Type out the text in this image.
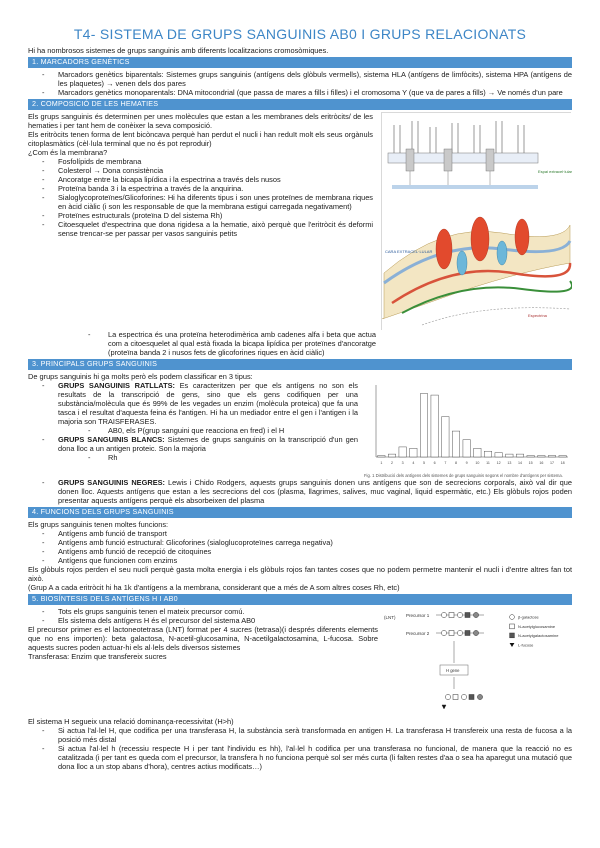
T4- SISTEMA DE GRUPS SANGUINIS AB0 I GRUPS RELACIONATS

Hi ha nombrosos sistemes de grups sanguinis amb diferents localitzacions cromosòmiques.

1. MARCADORS GENÈTICS
- Marcadors genètics biparentals: Sistemes grups sanguinis (antígens dels glòbuls vermells), sistema HLA (antígens de limfòcits), sistema HPA (antígens de les plaquetes) → venen dels dos pares
- Marcadors genètics monoparentals: DNA mitocondrial (que passa de mares a fills i filles) i el cromosoma Y (que va de pares a fills) → Ve només d'un pare
2. COMPOSICIÓ DE LES HEMATIES

Els grups sanguinis és determinen per unes molècules que estan a les membranes dels eritròcits/ de les hematies i per tant hem de conèixer la seva composició.

Els eritròcits tenen forma de lent bicòncava perquè han perdut el nucli i han reduït molt els seus orgànuls citoplasmàtics (cèl·lula terminal que no és pot reproduir)

¿Com és la membrana?

- Fosfolípids de membrana
- Colesterol → Dona consistència
- Ancoratge entre la bicapa lipídica i la espectrina a través dels nusos
- Proteïna banda 3 i la espectrina a través de la anquirina.
- Sialoglycoproteïnes/Glicoforines: Hi ha diferents tipus i son unes proteïnes de membrana riques en àcid ciàlic (i son les responsable de que la membrana estigui carregada negativament)
- Proteïnes estructurals (proteïna D del sistema Rh)
- Citoesquelet d'espectrina que dona rigidesa a la hematie, això perquè que l'eritròcit és deformi sense trencar-se per passar per vasos sanguinis petits
Espai extracel·lular
CARA EXTRACEL·LULAR
Espectrina
- La espectrica és una proteïna heterodimèrica amb cadenes alfa i beta que actua com a citoesquelet al qual està fixada la bicapa lipídica per proteïnes d'ancoratge (proteïna banda 2 i nusos fets de glicoforines riques en àcid ciàlic)
3. PRINCIPALS GRUPS SANGUINIS

De grups sanguinis hi ga molts però els podem classificar en 3 tipus:

- GRUPS SANGUINIS RATLLATS: Es caracteritzen per que els antígens no son els resultats de la transcripció de gens, sino que els gens codifiquen per una substància/molècula que és 99% de les vegades un enzim (molècula proteica) que fa una tasca i el resultat d'aquesta feina és l'antigen. Hi ha un mediador entre el gen i l'antigen i la majoria son TRAISFERASES.
- AB0, els P(grup sanguini que reacciona en fred) i el H
- GRUPS SANGUINIS BLANCS: Sistemes de grups sanguinis on la transcripció d'un gen dona lloc a un antigen proteic. Son la majoria
- Rh
1 2 3 4 5 6 7 8 9 10 11 12 13 14 15 16 17 18
Fig. 1 Distribució dels antígens dels sistemes de grups sanguinis segons el nombre d'antígens per sistema.
- GRUPS SANGUINIS NEGRES: Lewis i Chido Rodgers, aquests grups sanguinis donen uns antígens que son de secrecions corporals, això val dir que donen lloc. Aquests antígens que estan a les secrecions del cos (plasma, llagrimes, salives, muc vaginal, liquid espermàtic, etc.) Els glòbuls rojos poden presentar aquests antígens perquè els absorbeixen del plasma
4. FUNCIONS DELS GRUPS SANGUINIS

Els grups sanguinis tenen moltes funcions:

- Antígens amb funció de transport
- Antígens amb funció estructural: Glicoforines (sialoglucoproteïnes carrega negativa)
- Antígens amb funció de recepció de citoquines
- Antígens que funcionen com enzims

Els glòbuls rojos perden el seu nucli perquè gasta molta energia i els glòbuls rojos fan tantes coses que no podem permetre mantenir el nucli i d'entre altres fan tot això.

(Grup A a cada eritròcit hi ha 1k d'antígens a la membrana, considerant que a més de A som altres coses Rh, etc)

5. BIOSÍNTESIS DELS ANTÍGENS H I AB0
- Tots els grups sanguinis tenen el mateix precursor comú.
- Els sistema dels antígens H és el precursor del sistema AB0

El precursor primer es el lactoneotetrasa (LNT) format per 4 sucres (tetrasa)(i després diferents elements que no ens importen): beta galactosa, N-acetil-glucosamina, N-acetilgalactosamina, L-fucosa. Sobre aquests sucres poden actuar-hi els al·lels dels diversos sistemes

Transferasa: Enzim que transfereix sucres

(LNT) Precursor 1
Precursor 2
H gene
β-galactose
N-acetylglucosamine
N-acetylgalactosamine
L-fucose

El sistema H segueix una relació dominança-recessivitat (H>h)

- Si actua l'al·lel H, que codifica per una transferasa H, la substància serà transformada en antigen H. La transferasa H transfereix una resta de fucosa a la posició més distal
- Si actua l'al·lel h (recessiu respecte H i per tant l'individu es hh), l'al·lel h codifica per una transferasa no funcional, de manera que la reacció no es catalitzada (i per tant es queda com el precursor, la transfera h no funciona perquè sol ser més curta (li falten restes d'aa o sea ha aparegut una mutació que dona lloc a un stop abans d'hora), centres actius modificats…)
